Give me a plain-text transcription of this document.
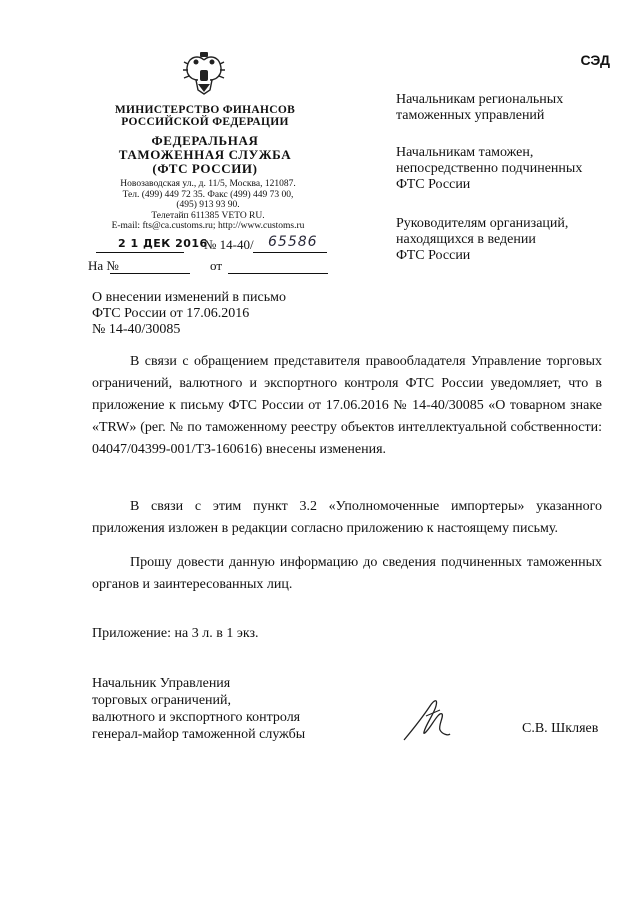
МИНИСТЕРСТВО ФИНАНСОВ
РОССИЙСКОЙ ФЕДЕРАЦИИ
ФЕДЕРАЛЬНАЯ
ТАМОЖЕННАЯ СЛУЖБА
(ФТС РОССИИ)
Новозаводская ул., д. 11/5, Москва, 121087.
Тел. (499) 449 72 35. Факс (499) 449 73 00,
(495) 913 93 90.
Телетайп 611385 VETO RU.
E-mail: fts@ca.customs.ru; http://www.customs.ru
2 1 ДЕК 2016
№ 14-40/ 65586
На №	от
СЭД
Начальникам региональных
таможенных управлений
Начальникам таможен,
непосредственно подчиненных
ФТС России
Руководителям организаций,
находящихся в ведении
ФТС России
О внесении изменений в письмо
ФТС России от 17.06.2016
№ 14-40/30085
В связи с обращением представителя правообладателя Управление торговых ограничений, валютного и экспортного контроля ФТС России уведомляет, что в приложение к письму ФТС России от 17.06.2016 № 14-40/30085 «О товарном знаке «TRW» (рег. № по таможенному реестру объектов интеллектуальной собственности: 04047/04399-001/ТЗ-160616) внесены изменения.
В связи с этим пункт 3.2 «Уполномоченные импортеры» указанного приложения изложен в редакции согласно приложению к настоящему письму.
Прошу довести данную информацию до сведения подчиненных таможенных органов и заинтересованных лиц.
Приложение: на 3 л. в 1 экз.
Начальник Управления
торговых ограничений,
валютного и экспортного контроля
генерал-майор таможенной службы	С.В. Шкляев
